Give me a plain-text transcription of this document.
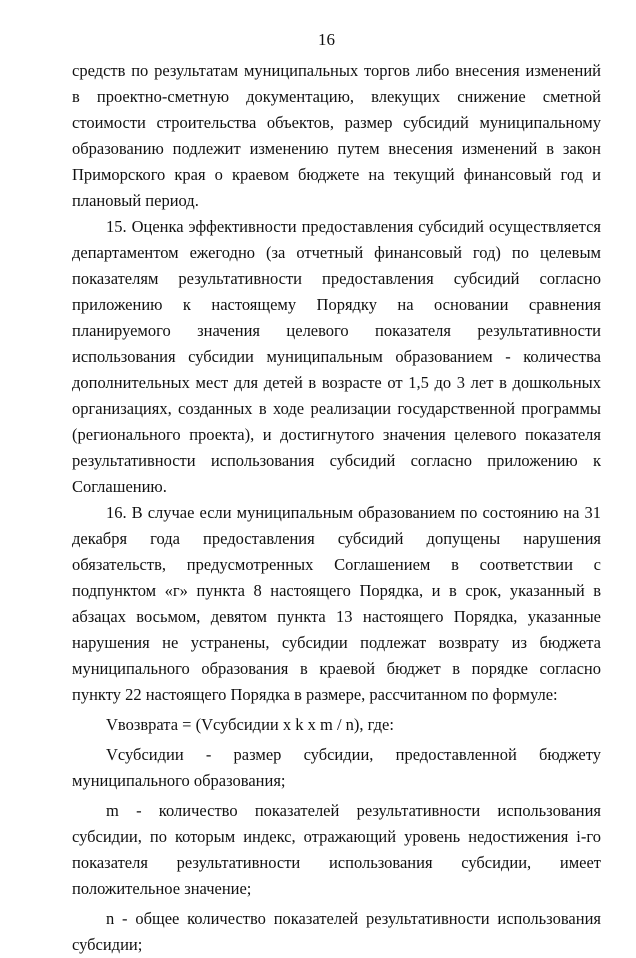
16

средств по результатам муниципальных торгов либо внесения изменений в проектно-сметную документацию, влекущих снижение сметной стоимости строительства объектов, размер субсидий муниципальному образованию подлежит изменению путем внесения изменений в закон Приморского края о краевом бюджете на текущий финансовый год и плановый период.

15. Оценка эффективности предоставления субсидий осуществляется департаментом ежегодно (за отчетный финансовый год) по целевым показателям результативности предоставления субсидий согласно приложению к настоящему Порядку на основании сравнения планируемого значения целевого показателя результативности использования субсидии муниципальным образованием - количества дополнительных мест для детей в возрасте от 1,5 до 3 лет в дошкольных организациях, созданных в ходе реализации государственной программы (регионального проекта), и достигнутого значения целевого показателя результативности использования субсидий согласно приложению к Соглашению.

16. В случае если муниципальным образованием по состоянию на 31 декабря года предоставления субсидий допущены нарушения обязательств, предусмотренных Соглашением в соответствии с подпунктом «г» пункта 8 настоящего Порядка, и в срок, указанный в абзацах восьмом, девятом пункта 13 настоящего Порядка, указанные нарушения не устранены, субсидии подлежат возврату из бюджета муниципального образования в краевой бюджет в порядке согласно пункту 22 настоящего Порядка в размере, рассчитанном по формуле:

Vвозврата = (Vсубсидии х k х m / n), где:

Vсубсидии - размер субсидии, предоставленной бюджету муниципального образования;

m - количество показателей результативности использования субсидии, по которым индекс, отражающий уровень недостижения i-го показателя результативности использования субсидии, имеет положительное значение;

n - общее количество показателей результативности использования субсидии;
